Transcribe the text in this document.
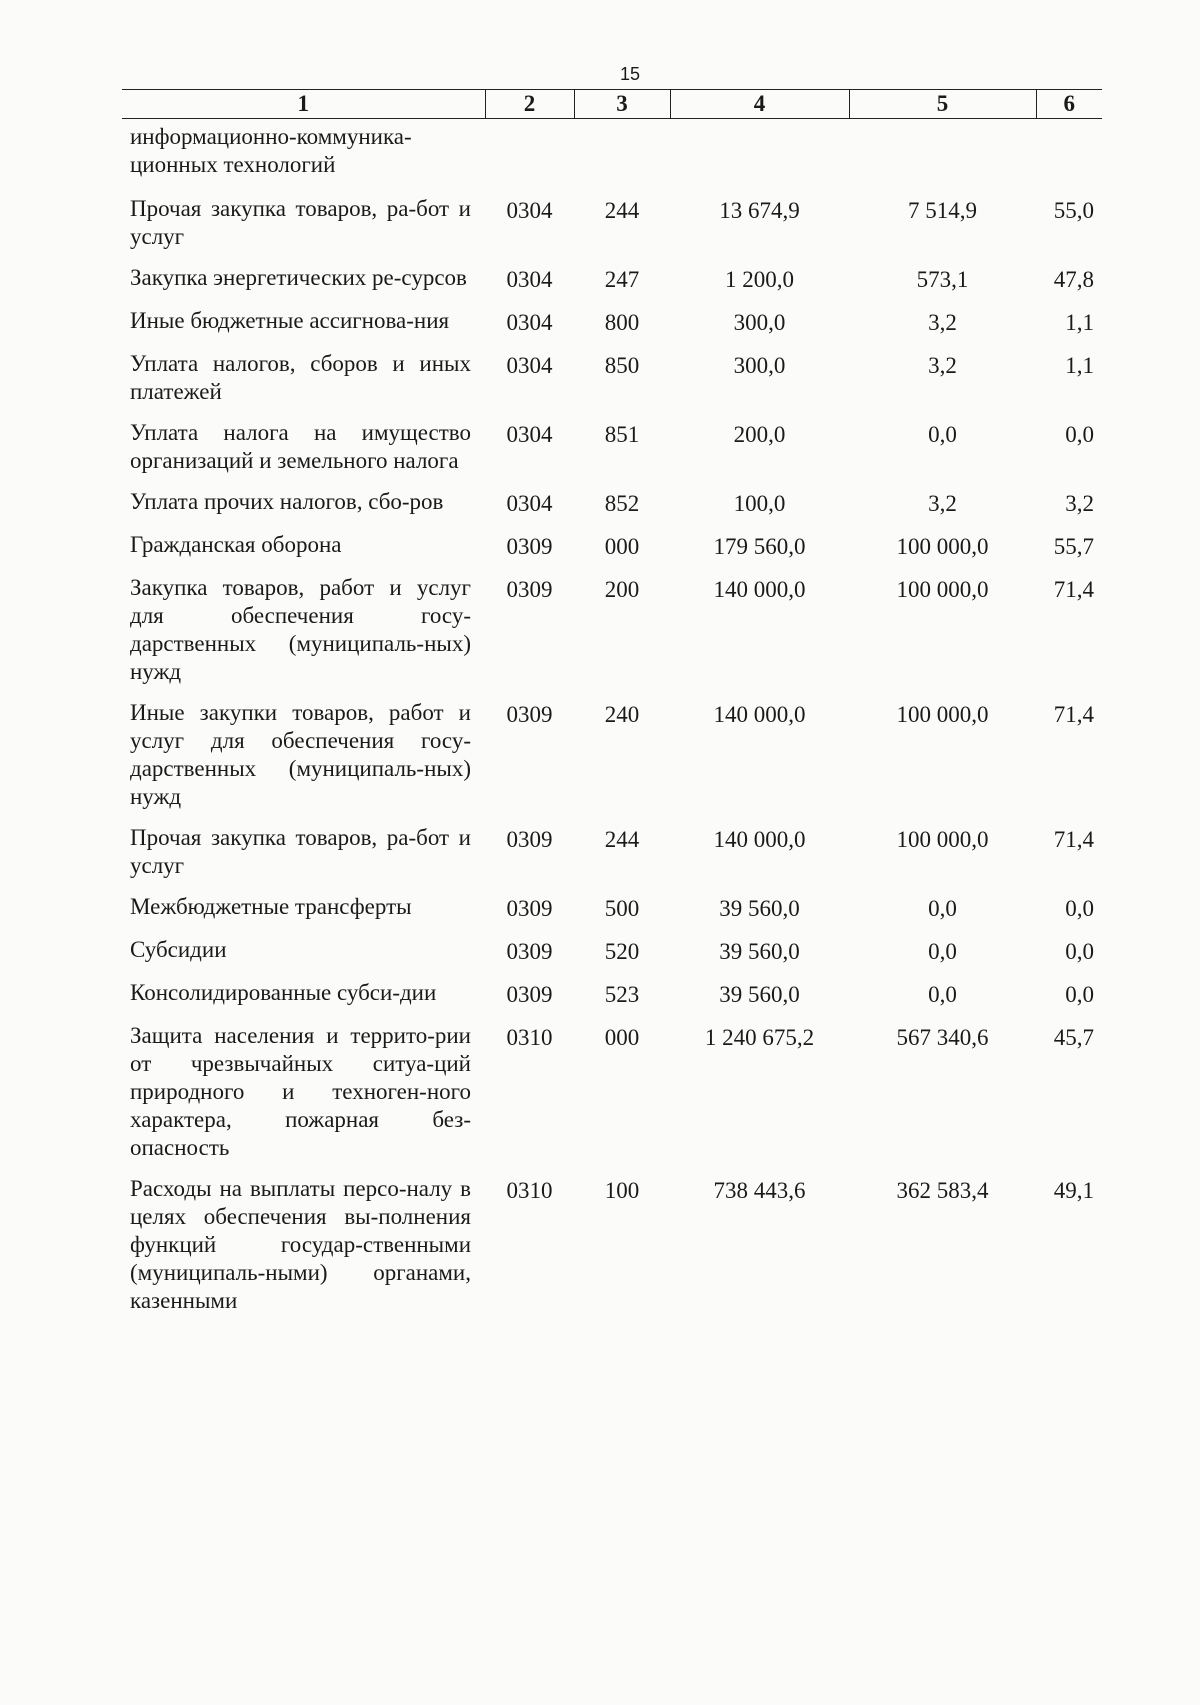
15
1	2	3	4	5	6
информационно-коммуника-ционных технологий					
Прочая закупка товаров, ра-бот и услуг	0304	244	13 674,9	7 514,9	55,0
Закупка энергетических ре-сурсов	0304	247	1 200,0	573,1	47,8
Иные бюджетные ассигнова-ния	0304	800	300,0	3,2	1,1
Уплата налогов, сборов и иных платежей	0304	850	300,0	3,2	1,1
Уплата налога на имущество организаций и земельного налога	0304	851	200,0	0,0	0,0
Уплата прочих налогов, сбо-ров	0304	852	100,0	3,2	3,2
Гражданская оборона	0309	000	179 560,0	100 000,0	55,7
Закупка товаров, работ и услуг для обеспечения госу-дарственных (муниципаль-ных) нужд	0309	200	140 000,0	100 000,0	71,4
Иные закупки товаров, работ и услуг для обеспечения госу-дарственных (муниципаль-ных) нужд	0309	240	140 000,0	100 000,0	71,4
Прочая закупка товаров, ра-бот и услуг	0309	244	140 000,0	100 000,0	71,4
Межбюджетные трансферты	0309	500	39 560,0	0,0	0,0
Субсидии	0309	520	39 560,0	0,0	0,0
Консолидированные субси-дии	0309	523	39 560,0	0,0	0,0
Защита населения и террито-рии от чрезвычайных ситуа-ций природного и техноген-ного характера, пожарная без-опасность	0310	000	1 240 675,2	567 340,6	45,7
Расходы на выплаты персо-налу в целях обеспечения вы-полнения функций государ-ственными (муниципаль-ными) органами, казенными	0310	100	738 443,6	362 583,4	49,1
